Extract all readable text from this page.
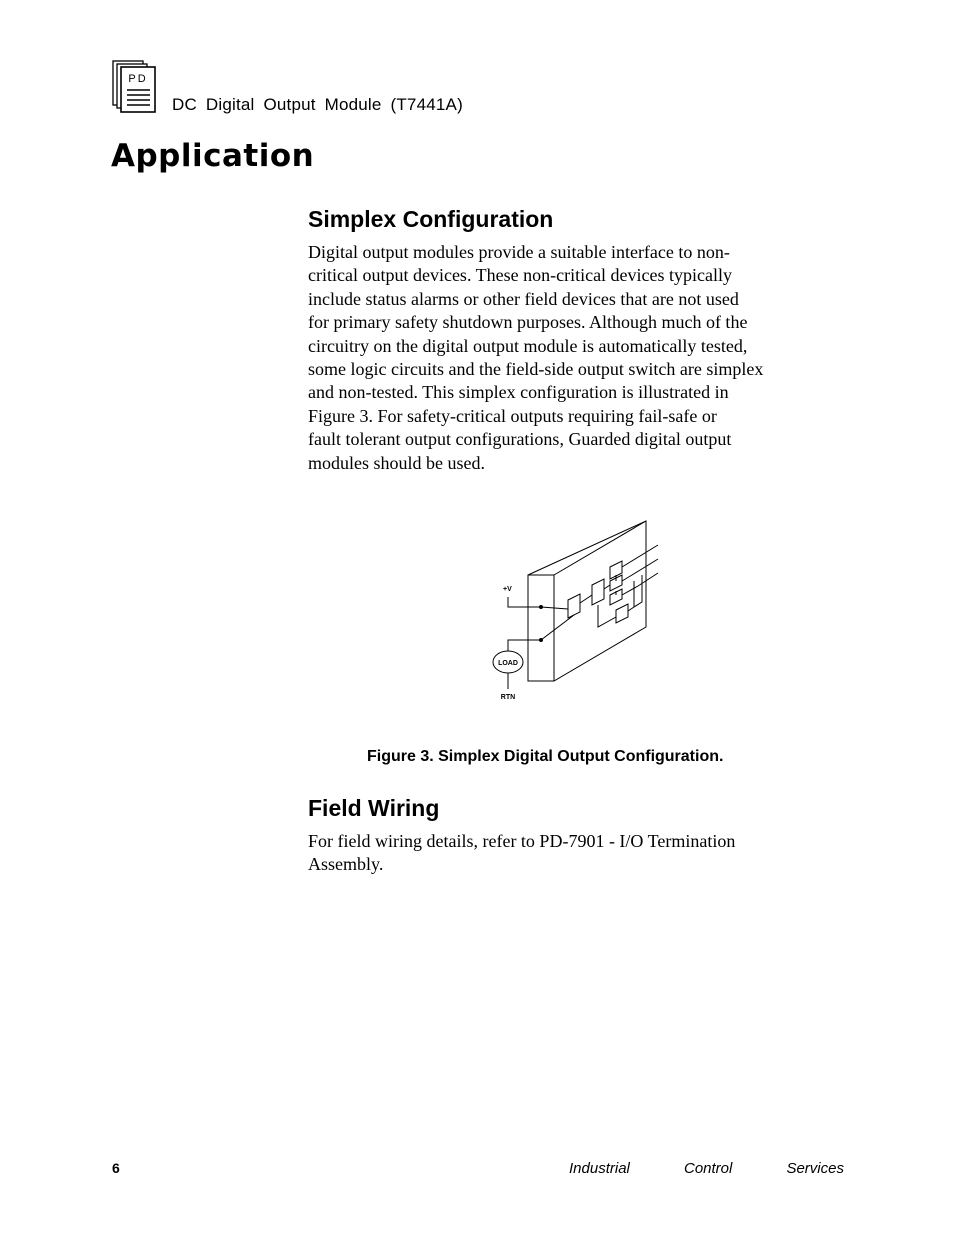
PD
DC Digital Output Module (T7441A)
Application
Simplex Configuration

Digital output modules provide a suitable interface to non-
critical output devices. These non-critical devices typically
include status alarms or other field devices that are not used
for primary safety shutdown purposes. Although much of the
circuitry on the digital output module is automatically tested,
some logic circuits and the field-side output switch are simplex
and non-tested. This simplex configuration is illustrated in
Figure 3. For safety-critical outputs requiring fail-safe or
fault tolerant output configurations, Guarded digital output
modules should be used.

+V
LOAD
RTN
Figure 3. Simplex Digital Output Configuration.
Field Wiring

For field wiring details, refer to PD-7901 - I/O Termination
Assembly.

6	Industrial	Control	Services
